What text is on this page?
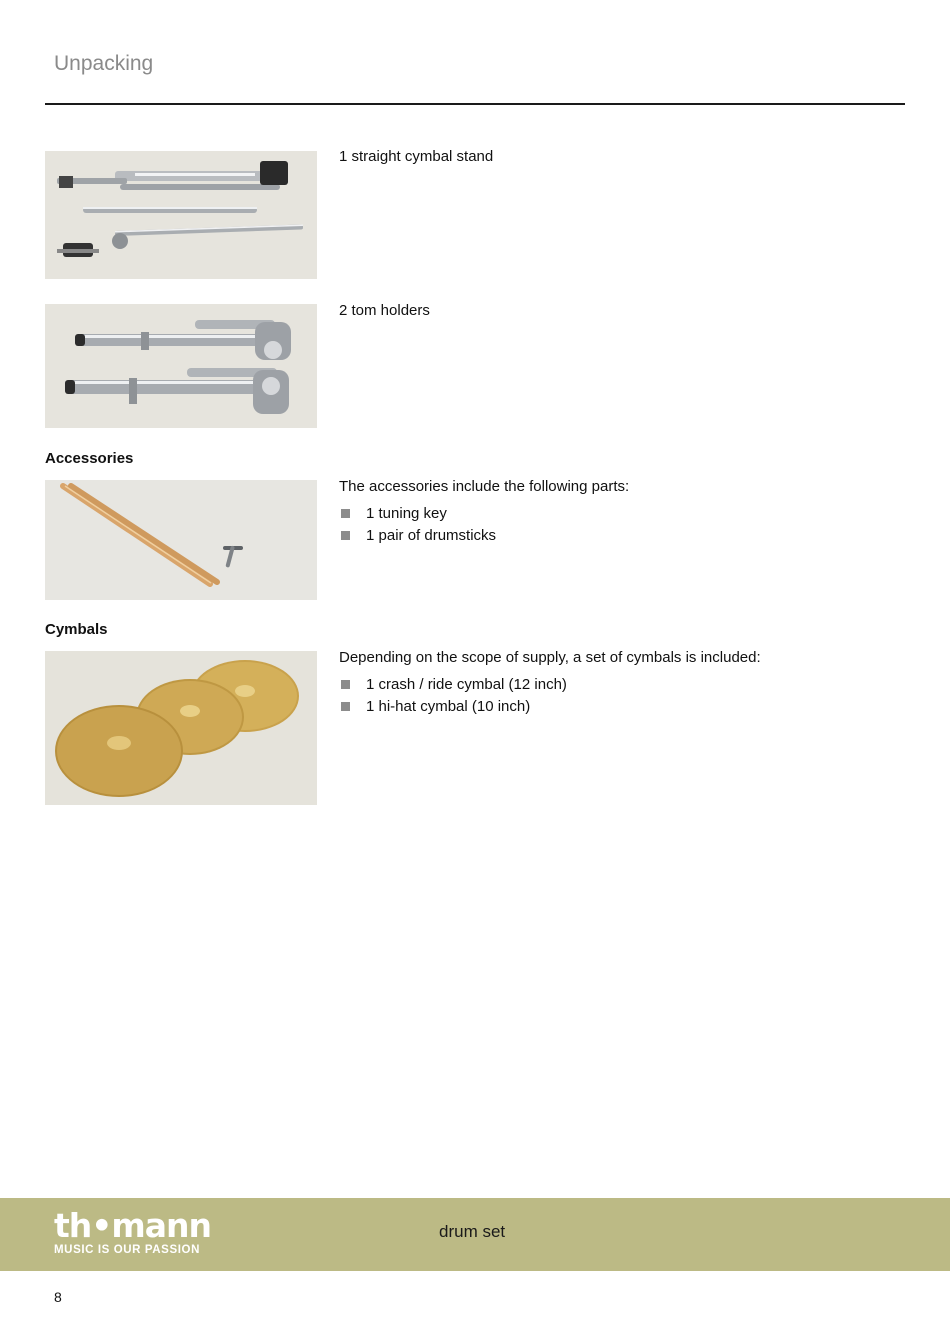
Unpacking

1 straight cymbal stand

2 tom holders

Accessories

The accessories include the following parts:

1 tuning key
1 pair of drumsticks
Cymbals

Depending on the scope of supply, a set of cymbals is included:

1 crash / ride cymbal (12 inch)
1 hi-hat cymbal (10 inch)
th•mann
MUSIC IS OUR PASSION
drum set
8
